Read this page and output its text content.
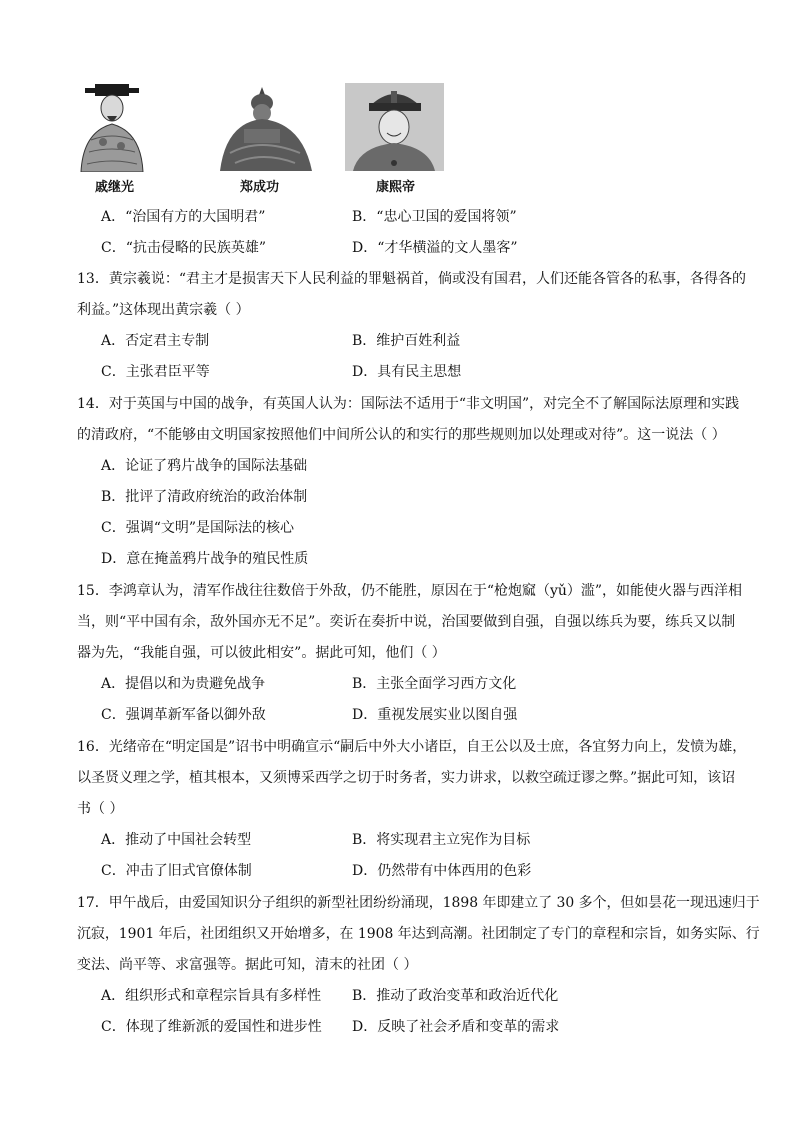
戚继光	郑成功	康熙帝
A．“治国有方的大国明君”	B．“忠心卫国的爱国将领”
C．“抗击侵略的民族英雄”	D．“才华横溢的文人墨客”
13．黄宗羲说：“君主才是损害天下人民利益的罪魁祸首，倘或没有国君，人们还能各管各的私事，各得各的
利益。”这体现出黄宗羲（ ）
A．否定君主专制	B．维护百姓利益
C．主张君臣平等	D．具有民主思想
14．对于英国与中国的战争，有英国人认为：国际法不适用于“非文明国”，对完全不了解国际法原理和实践
的清政府，“不能够由文明国家按照他们中间所公认的和实行的那些规则加以处理或对待”。这一说法（ ）
A．论证了鸦片战争的国际法基础
B．批评了清政府统治的政治体制
C．强调“文明”是国际法的核心
D．意在掩盖鸦片战争的殖民性质
15．李鸿章认为，清军作战往往数倍于外敌，仍不能胜，原因在于“枪炮窳（yǔ）滥”，如能使火器与西洋相
当，则“平中国有余，敌外国亦无不足”。奕䜣在奏折中说，治国要做到自强，自强以练兵为要，练兵又以制
器为先，“我能自强，可以彼此相安”。据此可知，他们（ ）
A．提倡以和为贵避免战争	B．主张全面学习西方文化
C．强调革新军备以御外敌	D．重视发展实业以图自强
16．光绪帝在“明定国是”诏书中明确宣示“嗣后中外大小诸臣，自王公以及士庶，各宜努力向上，发愤为雄，
以圣贤义理之学，植其根本，又须博采西学之切于时务者，实力讲求，以救空疏迂谬之弊。”据此可知，该诏
书（ ）
A．推动了中国社会转型	B．将实现君主立宪作为目标
C．冲击了旧式官僚体制	D．仍然带有中体西用的色彩
17．甲午战后，由爱国知识分子组织的新型社团纷纷涌现，1898 年即建立了 30 多个，但如昙花一现迅速归于
沉寂，1901 年后，社团组织又开始增多，在 1908 年达到高潮。社团制定了专门的章程和宗旨，如务实际、行
变法、尚平等、求富强等。据此可知，清末的社团（ ）
A．组织形式和章程宗旨具有多样性 B．推动了政治变革和政治近代化
C．体现了维新派的爱国性和进步性 D．反映了社会矛盾和变革的需求
